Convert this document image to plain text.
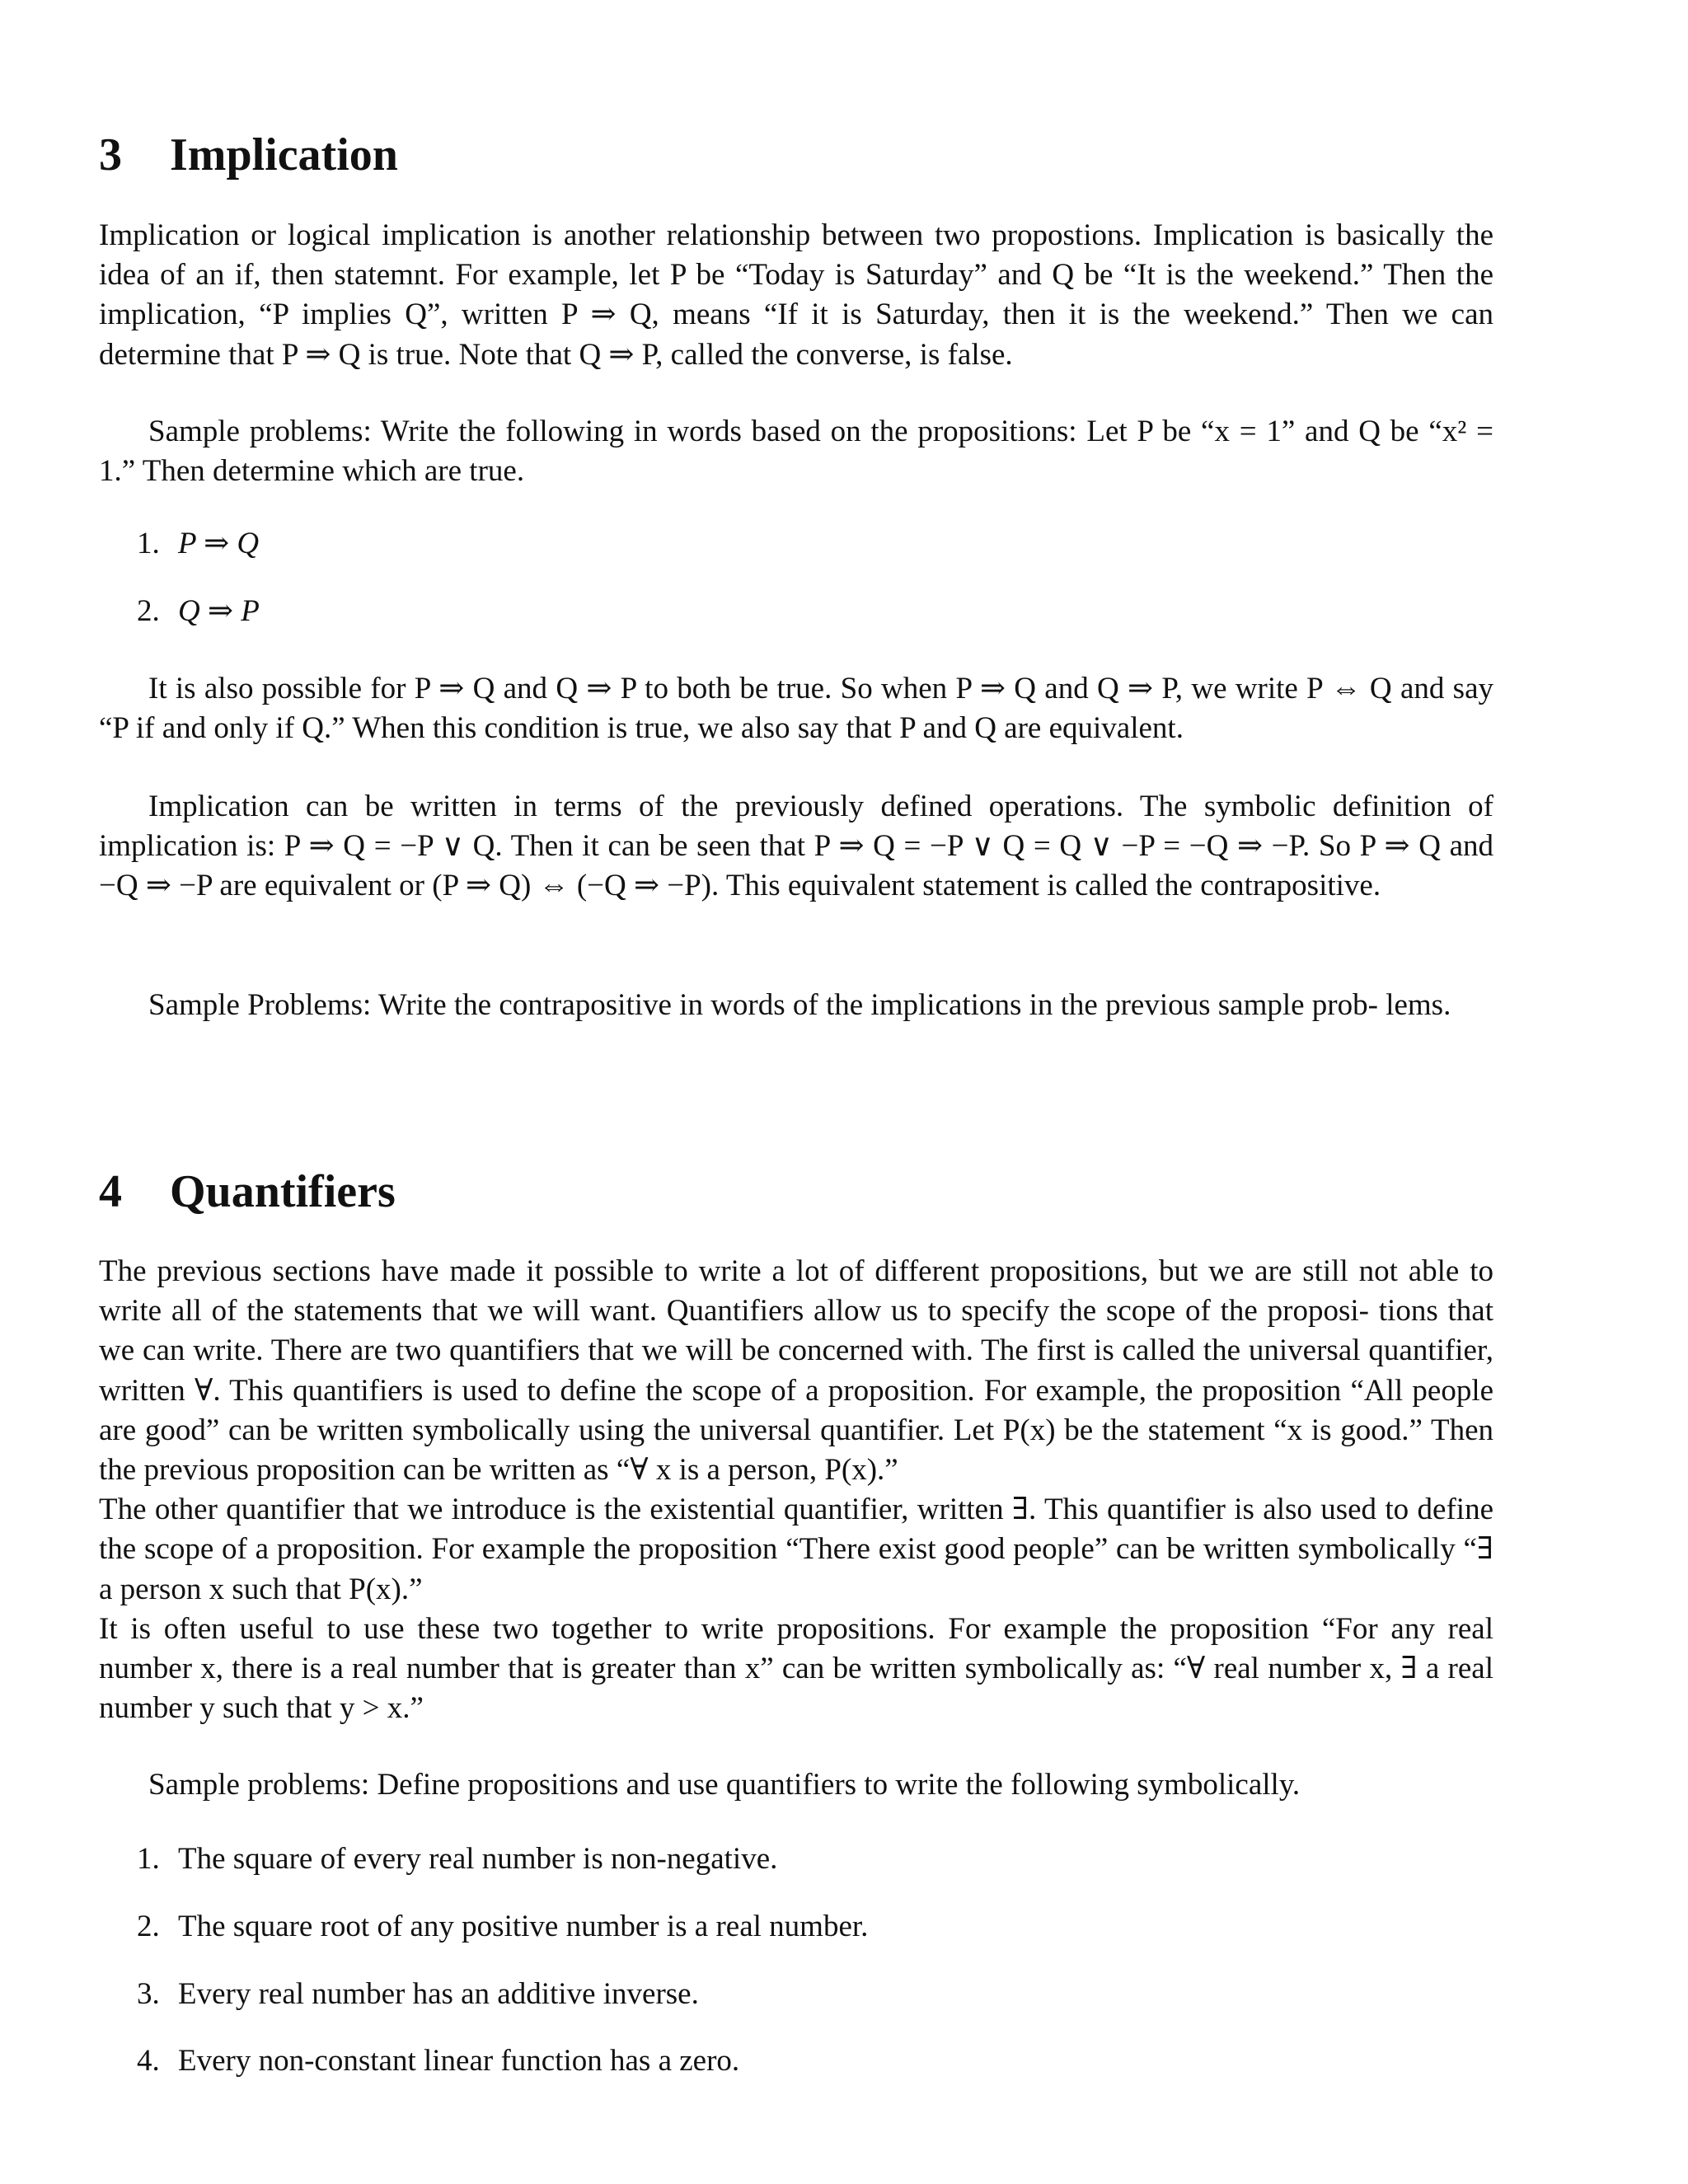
3 Implication

Implication or logical implication is another relationship between two propostions. Implication is basically the idea of an if, then statemnt. For example, let P be “Today is Saturday” and Q be “It is the weekend.” Then the implication, “P implies Q”, written P ⇒ Q, means “If it is Saturday, then it is the weekend.” Then we can determine that P ⇒ Q is true. Note that Q ⇒ P, called the converse, is false.

Sample problems: Write the following in words based on the propositions: Let P be “x = 1” and Q be “x² = 1.” Then determine which are true.

1. P ⇒ Q
2. Q ⇒ P

It is also possible for P ⇒ Q and Q ⇒ P to both be true. So when P ⇒ Q and Q ⇒ P, we write P ⇔ Q and say “P if and only if Q.” When this condition is true, we also say that P and Q are equivalent.

Implication can be written in terms of the previously defined operations. The symbolic definition of implication is: P ⇒ Q = −P ∨ Q. Then it can be seen that P ⇒ Q = −P ∨ Q = Q ∨ −P = −Q ⇒ −P. So P ⇒ Q and −Q ⇒ −P are equivalent or (P ⇒ Q) ⇔ (−Q ⇒ −P). This equivalent statement is called the contrapositive.

Sample Problems: Write the contrapositive in words of the implications in the previous sample prob- lems.

4 Quantifiers

The previous sections have made it possible to write a lot of different propositions, but we are still not able to write all of the statements that we will want. Quantifiers allow us to specify the scope of the proposi- tions that we can write. There are two quantifiers that we will be concerned with. The first is called the universal quantifier, written ∀. This quantifiers is used to define the scope of a proposition. For example, the proposition “All people are good” can be written symbolically using the universal quantifier. Let P(x) be the statement “x is good.” Then the previous proposition can be written as “∀ x is a person, P(x).”
The other quantifier that we introduce is the existential quantifier, written ∃. This quantifier is also used to define the scope of a proposition. For example the proposition “There exist good people” can be written symbolically “∃ a person x such that P(x).”
It is often useful to use these two together to write propositions. For example the proposition “For any real number x, there is a real number that is greater than x” can be written symbolically as: “∀ real number x, ∃ a real number y such that y > x.”

Sample problems: Define propositions and use quantifiers to write the following symbolically.

1. The square of every real number is non-negative.
2. The square root of any positive number is a real number.
3. Every real number has an additive inverse.
4. Every non-constant linear function has a zero.
